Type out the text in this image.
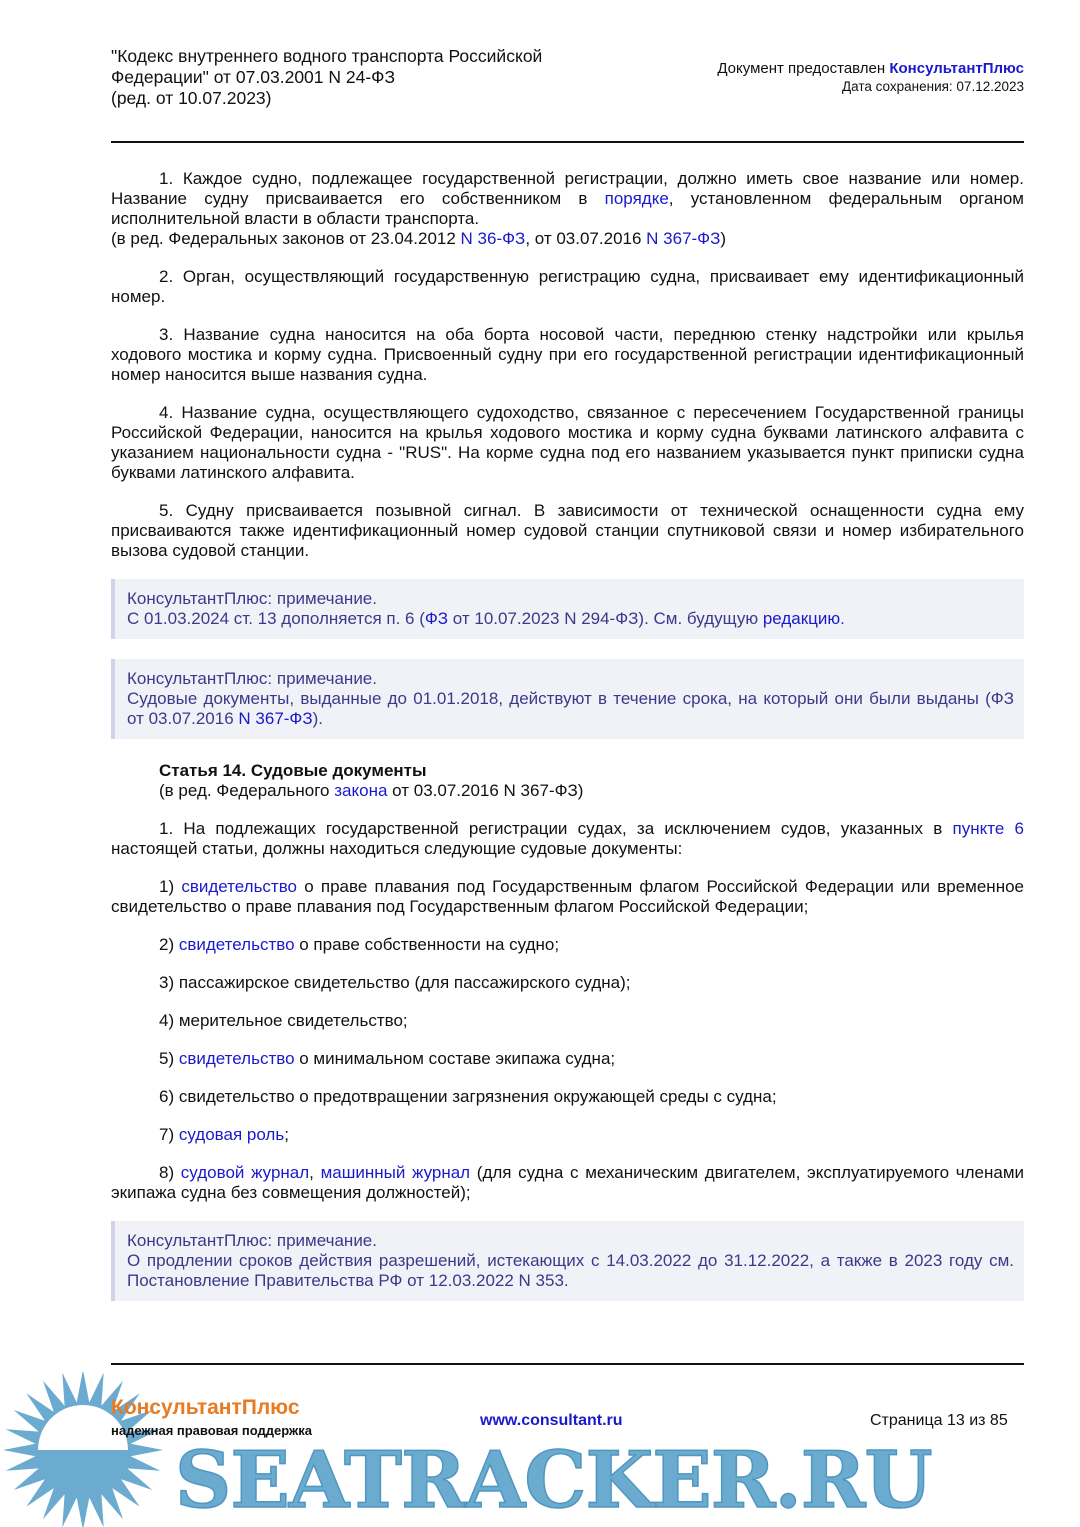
"Кодекс внутреннего водного транспорта Российской Федерации" от 07.03.2001 N 24-ФЗ
(ред. от 10.07.2023)
Документ предоставлен КонсультантПлюс
Дата сохранения: 07.12.2023

1. Каждое судно, подлежащее государственной регистрации, должно иметь свое название или номер. Название судну присваивается его собственником в порядке, установленном федеральным органом исполнительной власти в области транспорта.

(в ред. Федеральных законов от 23.04.2012 N 36-ФЗ, от 03.07.2016 N 367-ФЗ)

2. Орган, осуществляющий государственную регистрацию судна, присваивает ему идентификационный номер.

3. Название судна наносится на оба борта носовой части, переднюю стенку надстройки или крылья ходового мостика и корму судна. Присвоенный судну при его государственной регистрации идентификационный номер наносится выше названия судна.

4. Название судна, осуществляющего судоходство, связанное с пересечением Государственной границы Российской Федерации, наносится на крылья ходового мостика и корму судна буквами латинского алфавита с указанием национальности судна - "RUS". На корме судна под его названием указывается пункт приписки судна буквами латинского алфавита.

5. Судну присваивается позывной сигнал. В зависимости от технической оснащенности судна ему присваиваются также идентификационный номер судовой станции спутниковой связи и номер избирательного вызова судовой станции.

КонсультантПлюс: примечание.
С 01.03.2024 ст. 13 дополняется п. 6 (ФЗ от 10.07.2023 N 294-ФЗ). См. будущую редакцию.
КонсультантПлюс: примечание.
Судовые документы, выданные до 01.01.2018, действуют в течение срока, на который они были выданы (ФЗ от 03.07.2016 N 367-ФЗ).
Статья 14. Судовые документы
(в ред. Федерального закона от 03.07.2016 N 367-ФЗ)

1. На подлежащих государственной регистрации судах, за исключением судов, указанных в пункте 6 настоящей статьи, должны находиться следующие судовые документы:

1) свидетельство о праве плавания под Государственным флагом Российской Федерации или временное свидетельство о праве плавания под Государственным флагом Российской Федерации;

2) свидетельство о праве собственности на судно;

3) пассажирское свидетельство (для пассажирского судна);

4) мерительное свидетельство;

5) свидетельство о минимальном составе экипажа судна;

6) свидетельство о предотвращении загрязнения окружающей среды с судна;

7) судовая роль;

8) судовой журнал, машинный журнал (для судна с механическим двигателем, эксплуатируемого членами экипажа судна без совмещения должностей);

КонсультантПлюс: примечание.
О продлении сроков действия разрешений, истекающих с 14.03.2022 до 31.12.2022, а также в 2023 году см. Постановление Правительства РФ от 12.03.2022 N 353.
SEATRACKER.RU
КонсультантПлюс
надежная правовая поддержка
www.consultant.ru	Страница 13 из 85
